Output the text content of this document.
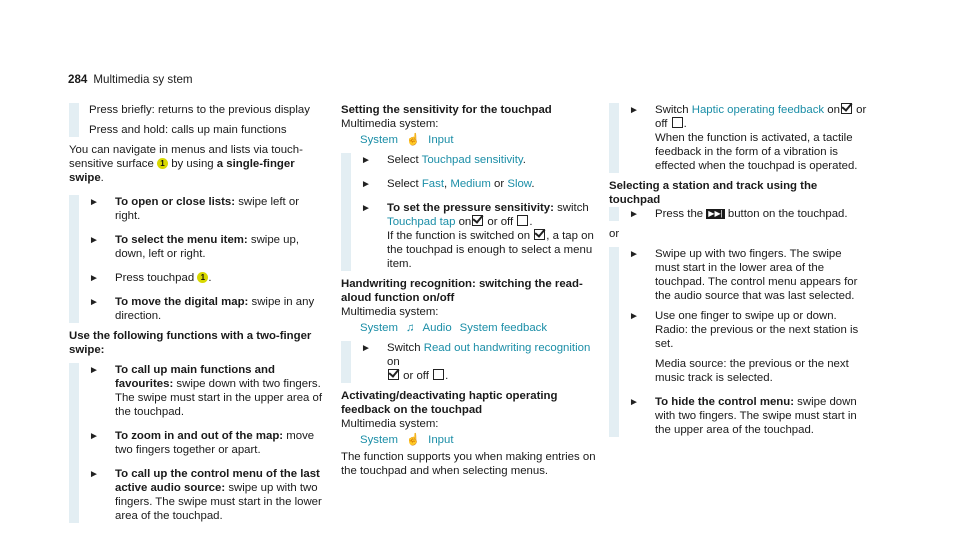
284 Multimedia sy stem

Press briefly: returns to the previous display

Press and hold: calls up main functions

You can navigate in menus and lists via touch-sensitive surface 1 by using a single-finger swipe.

► To open or close lists: swipe left or right.
► To select the menu item: swipe up, down, left or right.
► Press touchpad 1 .
► To move the digital map: swipe in any direction.

Use the following functions with a two-finger swipe:

► To call up main functions and favourites: swipe down with two fingers. The swipe must start in the upper area of the touchpad.
► To zoom in and out of the map: move two fingers together or apart.
► To call up the control menu of the last active audio source: swipe up with two fingers. The swipe must start in the lower area of the touchpad.

Setting the sensitivity for the touchpad

Multimedia system:

System ☝ Input
► Select Touchpad sensitivity.
► Select Fast, Medium or Slow.
► To set the pressure sensitivity: switch
Touchpad tap on or off .
If the function is switched on , a tap on the touchpad is enough to select a menu item.

Handwriting recognition: switching the read-aloud function on/off

Multimedia system:

System ♫ Audio System feedback
► Switch Read out handwriting recognition on
or off .

Activating/deactivating haptic operating feedback on the touchpad

Multimedia system:

System ☝ Input

The function supports you when making entries on the touchpad and when selecting menus.

► Switch Haptic operating feedback on or off .
When the function is activated, a tactile feedback in the form of a vibration is effected when the touchpad is operated.

Selecting a station and track using the touchpad

► Press the ▶▶| button on the touchpad.

or

► Swipe up with two fingers. The swipe must start in the lower area of the touchpad. The control menu appears for the audio source that was last selected.
► Use one finger to swipe up or down. Radio: the previous or the next station is set.
Media source: the previous or the next music track is selected.
► To hide the control menu: swipe down with two fingers. The swipe must start in the upper area of the touchpad.
